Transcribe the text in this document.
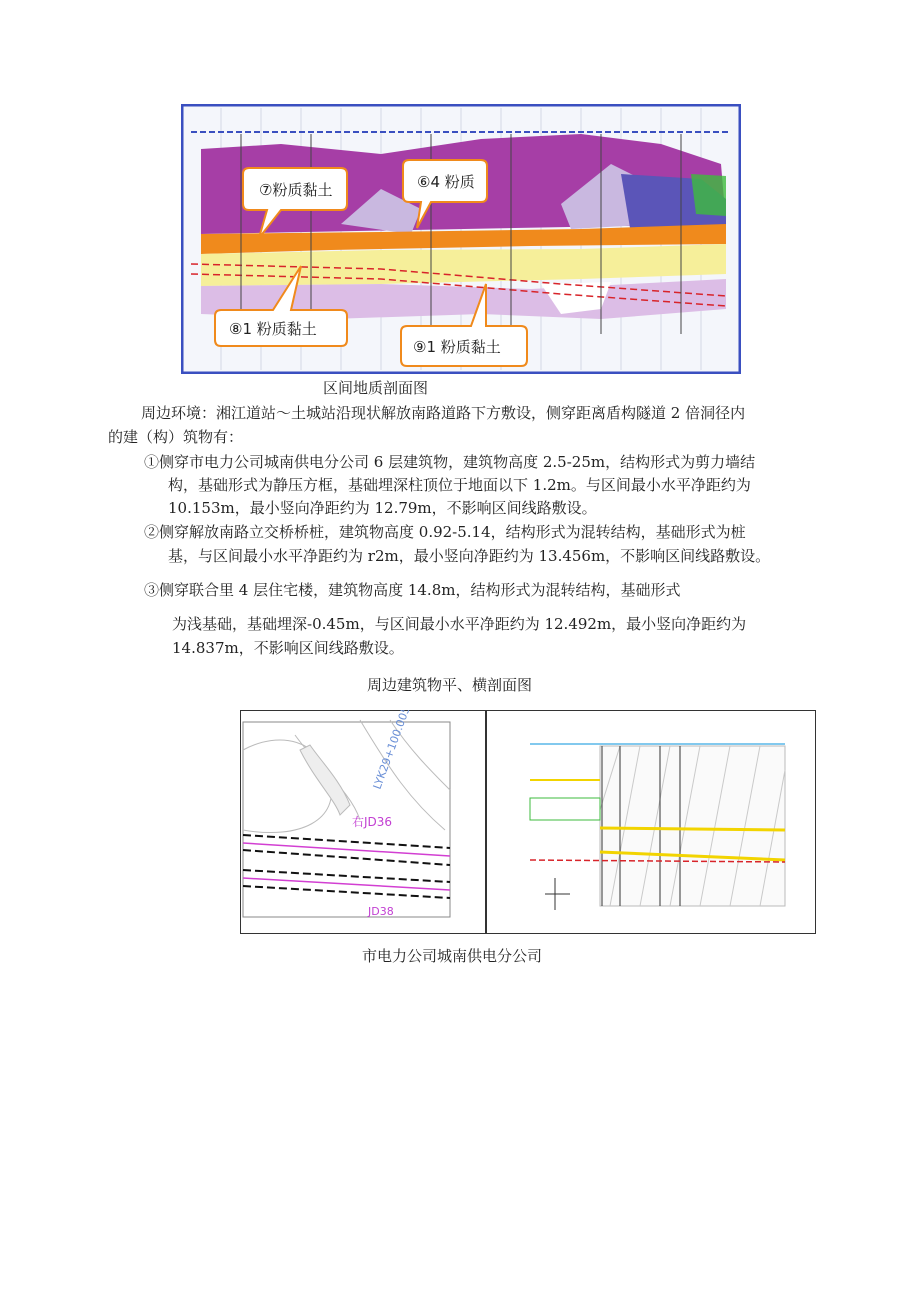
⑦粉质黏土	⑥4 粉质
⑧1 粉质黏土
⑨1 粉质黏土
区间地质剖面图
周边环境：湘江道站～土城站沿现状解放南路道路下方敷设，侧穿距离盾构隧道 2 倍洞径内
的建（构）筑物有：
①侧穿市电力公司城南供电分公司 6 层建筑物，建筑物高度 2.5-25m，结构形式为剪力墙结
构，基础形式为静压方框，基础埋深柱顶位于地面以下 1.2m。与区间最小水平净距约为
10.153m，最小竖向净距约为 12.79m，不影响区间线路敷设。
②侧穿解放南路立交桥桥桩，建筑物高度 0.92-5.14，结构形式为混转结构，基础形式为桩
基，与区间最小水平净距约为 r2m，最小竖向净距约为 13.456m，不影响区间线路敷设。
③侧穿联合里 4 层住宅楼，建筑物高度 14.8m，结构形式为混转结构，基础形式
为浅基础，基础埋深-0.45m，与区间最小水平净距约为 12.492m，最小竖向净距约为
14.837m，不影响区间线路敷设。
周边建筑物平、横剖面图
右JD36
JD38
LYK29+100.005
市电力公司城南供电分公司
